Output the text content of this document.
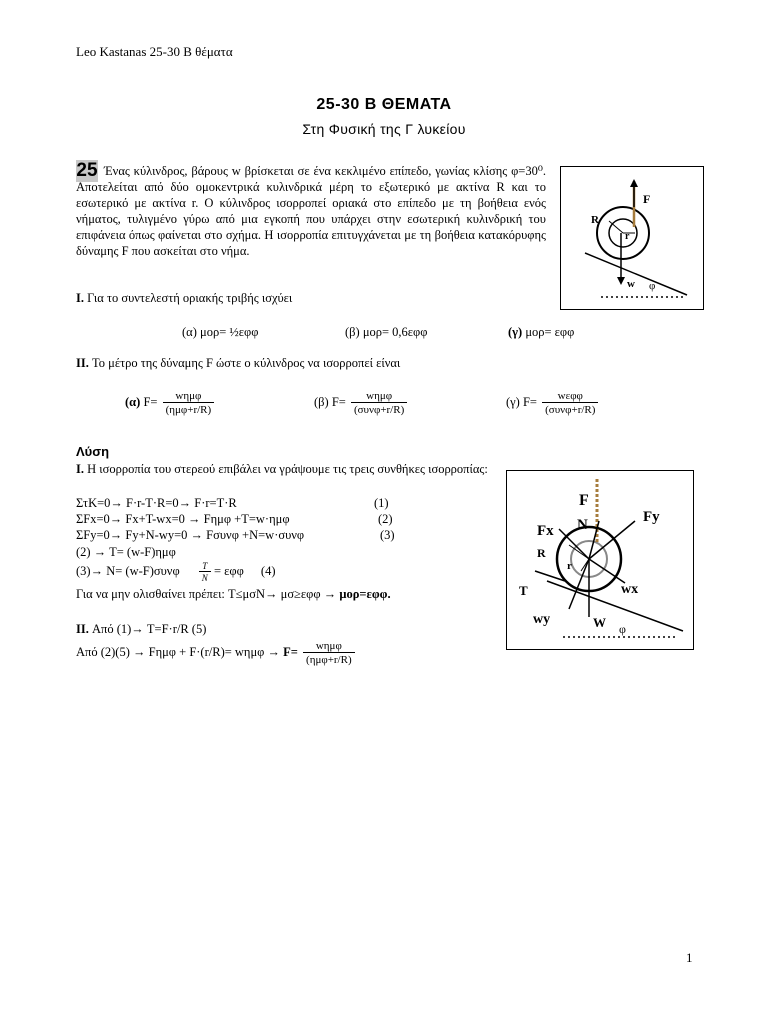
Leo Kastanas 25-30 Β θέματα
25-30 Β ΘΕΜΑΤΑ
Στη Φυσική της Γ λυκείου
25 Ένας κύλινδρος, βάρους w βρίσκεται σε ένα κεκλιμένο επίπεδο, γωνίας κλίσης φ=30⁰. Αποτελείται από δύο ομοκεντρικά κυλινδρικά μέρη το εξωτερικό με ακτίνα R και το εσωτερικό με ακτίνα r. Ο κύλινδρος ισορροπεί οριακά στο επίπεδο με τη βοήθεια ενός νήματος, τυλιγμένο γύρω από μια εγκοπή που υπάρχει στην εσωτερική κυλινδρική του επιφάνεια όπως φαίνεται στο σχήμα. Η ισορροπία επιτυγχάνεται με τη βοήθεια κατακόρυφης δύναμης F που ασκείται στο νήμα.

I. Για το συντελεστή οριακής τριβής ισχύει
(α) μορ= ½εφφ	(β) μορ= 0,6εφφ	(γ) μορ= εφφ
II. Το μέτρο της δύναμης F ώστε ο κύλινδρος να ισορροπεί είναι
(α) $F= \frac{\text{wημφ}}{\text{(ημφ+r/R)}}$	(β) $F= \frac{\text{wημφ}}{\text{(συνφ+r/R)}}$	(γ) $F= \frac{\text{wεφφ}}{\text{(συνφ+r/R)}}$
F
R
r
w φ
Λύση

I. Η ισορροπία του στερεού επιβάλει να γράψουμε τις τρεις συνθήκες ισορροπίας:

ΣτK=0→ F·r-T·R=0→ F·r=T·R	(1)
ΣFx=0→ Fx+T-wx=0 → Fημφ +T=w·ημφ	(2)
ΣFy=0→ Fy+N-wy=0 → Fσυνφ +N=w·συνφ	(3)
(2) → T= (w-F)ημφ
$(3)\to N= (w-F)\sigma\upsilon\nu\varphi \frac{T}{N} = \varepsilon\varphi\varphi$ (4)
Για να μην ολισθαίνει πρέπει: T≤μσN→ μσ≥εφφ → μορ=εφφ.
II. Από (1)→ T=F·r/R (5)
Από $(2)(5) \to F\eta\mu\varphi + F\cdot(r/R)= w\eta\mu\varphi \to F= \frac{\text{wημφ}}{\text{(ημφ+r/R)}}$
F
N
Fx
Fy
R
r
T	wx
wy	W φ
1
